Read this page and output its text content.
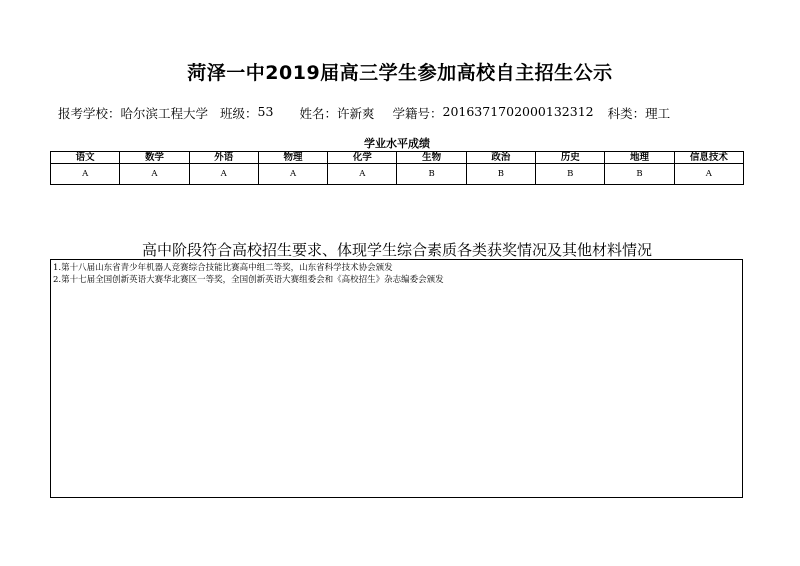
菏泽一中2019届高三学生参加高校自主招生公示
报考学校： 哈尔滨工程大学 班级： 53 姓名： 许新爽 学籍号： 2016371702000132312 科类： 理工
学业水平成绩
语文	数学	外语	物理	化学	生物	政治	历史	地理	信息技术
A	A	A	A	A	B	B	B	B	A
高中阶段符合高校招生要求、体现学生综合素质各类获奖情况及其他材料情况
1.第十八届山东省青少年机器人竞赛综合技能比赛高中组二等奖，山东省科学技术协会颁发
2.第十七届全国创新英语大赛华北赛区一等奖，全国创新英语大赛组委会和《高校招生》杂志编委会颁发
